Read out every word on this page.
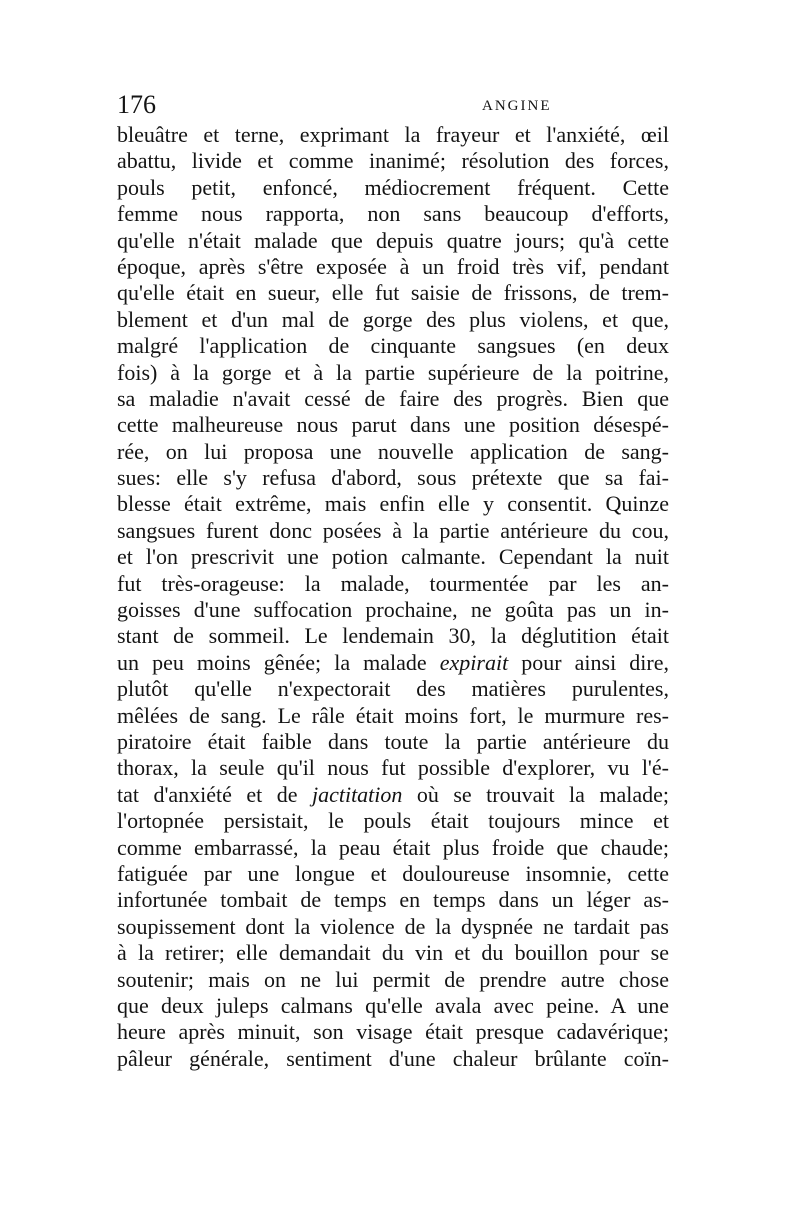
176	ANGINE
bleuâtre et terne, exprimant la frayeur et l'anxiété, œil
abattu, livide et comme inanimé; résolution des forces,
pouls petit, enfoncé, médiocrement fréquent. Cette
femme nous rapporta, non sans beaucoup d'efforts,
qu'elle n'était malade que depuis quatre jours; qu'à cette
époque, après s'être exposée à un froid très vif, pendant
qu'elle était en sueur, elle fut saisie de frissons, de trem-
blement et d'un mal de gorge des plus violens, et que,
malgré l'application de cinquante sangsues (en deux
fois) à la gorge et à la partie supérieure de la poitrine,
sa maladie n'avait cessé de faire des progrès. Bien que
cette malheureuse nous parut dans une position désespé-
rée, on lui proposa une nouvelle application de sang-
sues: elle s'y refusa d'abord, sous prétexte que sa fai-
blesse était extrême, mais enfin elle y consentit. Quinze
sangsues furent donc posées à la partie antérieure du cou,
et l'on prescrivit une potion calmante. Cependant la nuit
fut très-orageuse: la malade, tourmentée par les an-
goisses d'une suffocation prochaine, ne goûta pas un in-
stant de sommeil. Le lendemain 30, la déglutition était
un peu moins gênée; la malade expirait pour ainsi dire,
plutôt qu'elle n'expectorait des matières purulentes,
mêlées de sang. Le râle était moins fort, le murmure res-
piratoire était faible dans toute la partie antérieure du
thorax, la seule qu'il nous fut possible d'explorer, vu l'é-
tat d'anxiété et de jactitation où se trouvait la malade;
l'ortopnée persistait, le pouls était toujours mince et
comme embarrassé, la peau était plus froide que chaude;
fatiguée par une longue et douloureuse insomnie, cette
infortunée tombait de temps en temps dans un léger as-
soupissement dont la violence de la dyspnée ne tardait pas
à la retirer; elle demandait du vin et du bouillon pour se
soutenir; mais on ne lui permit de prendre autre chose
que deux juleps calmans qu'elle avala avec peine. A une
heure après minuit, son visage était presque cadavérique;
pâleur générale, sentiment d'une chaleur brûlante coïn-
